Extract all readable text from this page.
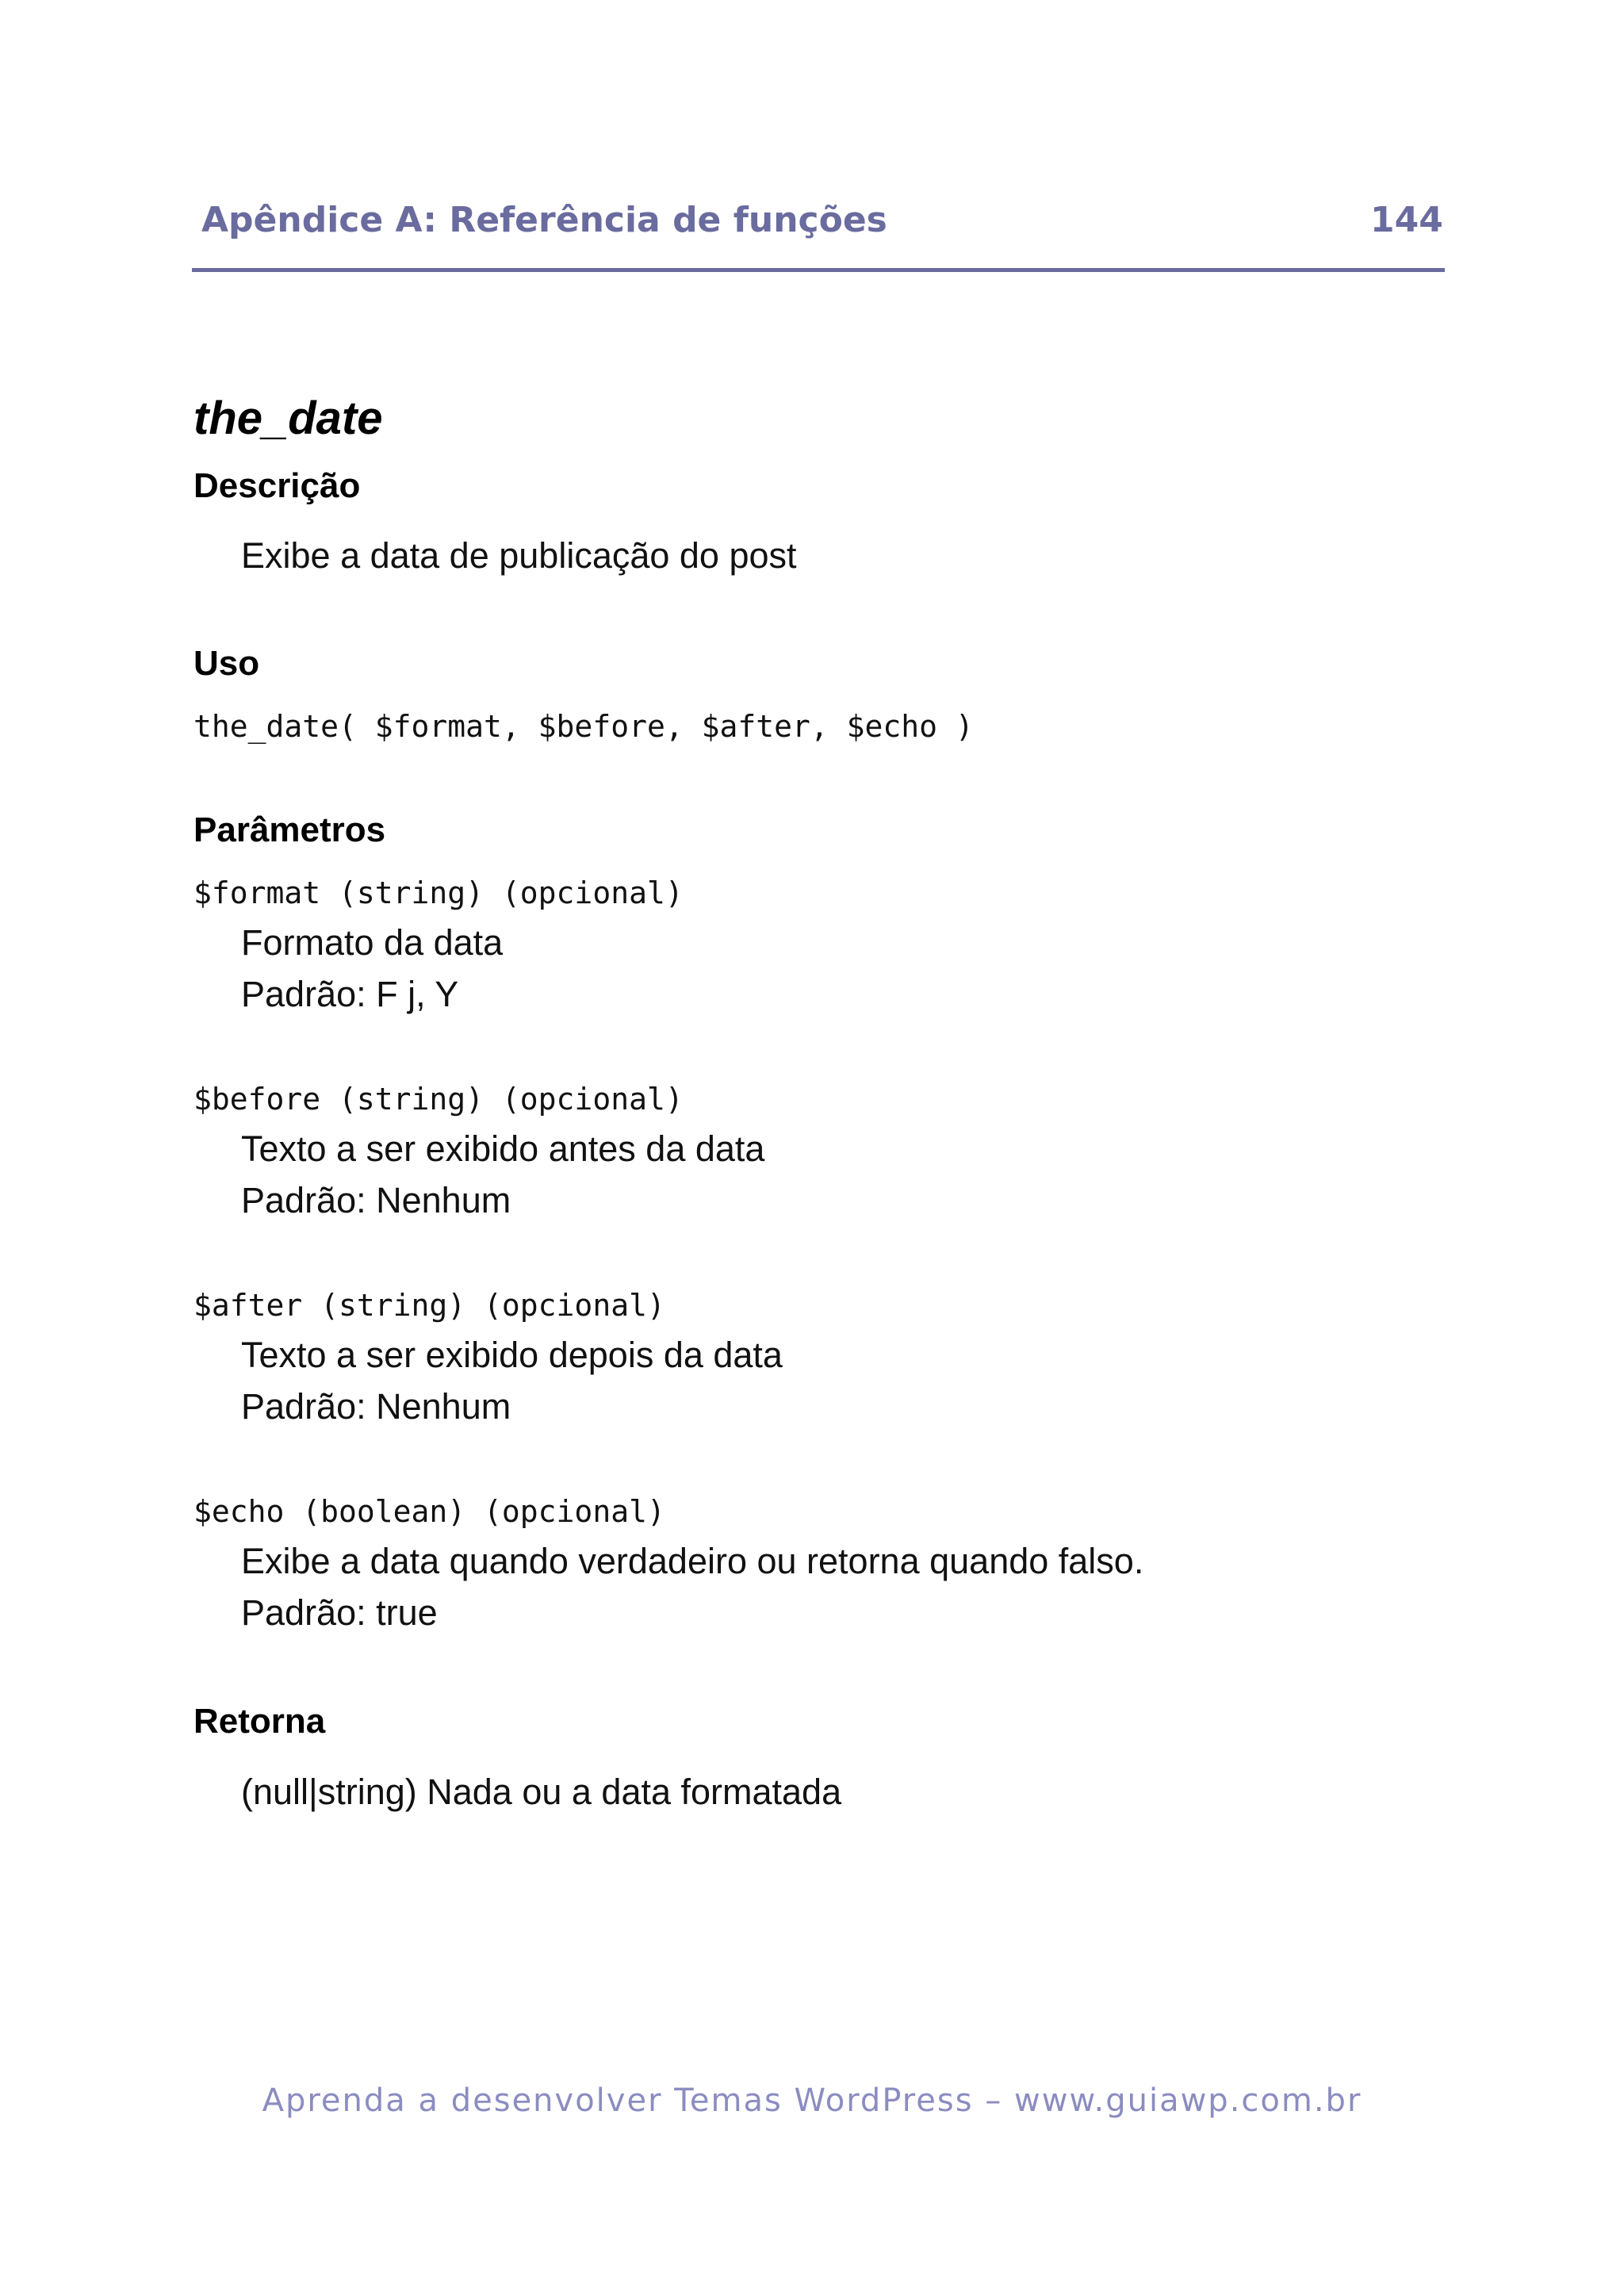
Apêndice A: Referência de funções	144
the_date
Descrição
Exibe a data de publicação do post
Uso
the_date( $format, $before, $after, $echo )
Parâmetros
$format (string) (opcional)
Formato da data
Padrão: F j, Y
$before (string) (opcional)
Texto a ser exibido antes da data
Padrão: Nenhum
$after (string) (opcional)
Texto a ser exibido depois da data
Padrão: Nenhum
$echo (boolean) (opcional)
Exibe a data quando verdadeiro ou retorna quando falso.
Padrão: true
Retorna
(null|string) Nada ou a data formatada
Aprenda a desenvolver Temas WordPress – www.guiawp.com.br
